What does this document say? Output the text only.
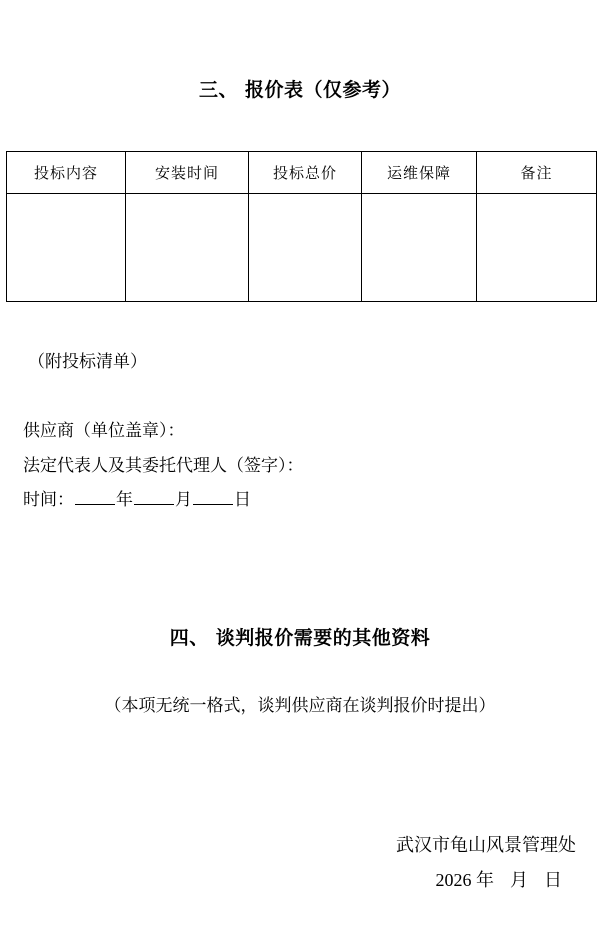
三、 报价表（仅参考）
投标内容	安装时间	投标总价	运维保障	备注

（附投标清单）
供应商（单位盖章）：
法定代表人及其委托代理人（签字）：
时间： 年 月 日
四、 谈判报价需要的其他资料
（本项无统一格式，谈判供应商在谈判报价时提出）
武汉市龟山风景管理处
2026 年 月 日
